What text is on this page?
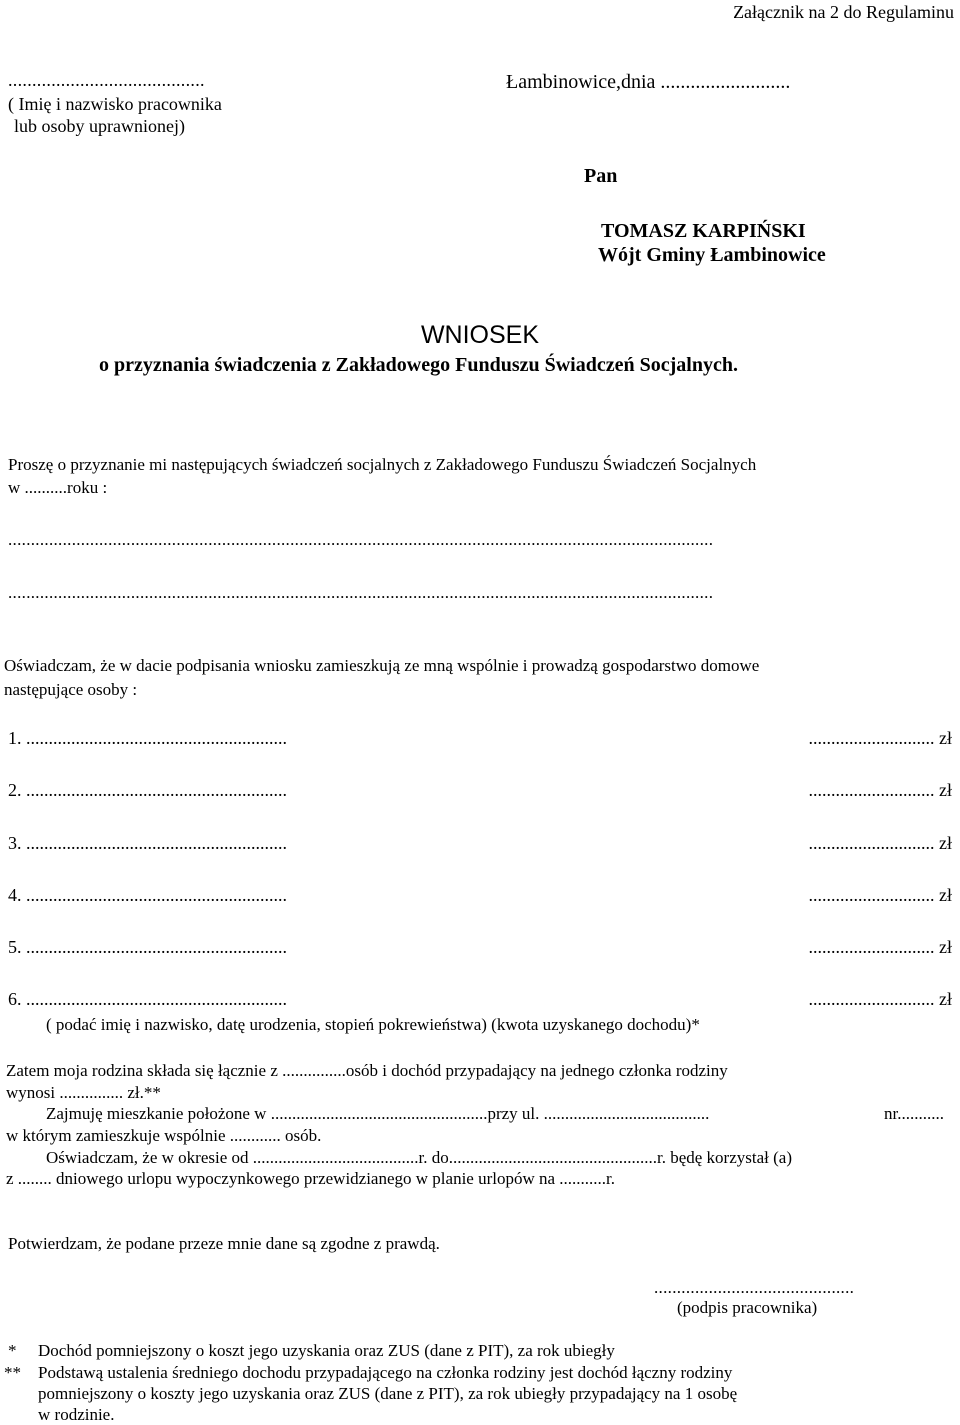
Załącznik na 2 do Regulaminu
.........................................
( Imię i nazwisko pracownika
lub osoby uprawnionej)
Łambinowice,dnia ..........................
Pan
TOMASZ KARPIŃSKI
Wójt Gminy Łambinowice
WNIOSEK
o przyznania świadczenia z Zakładowego Funduszu Świadczeń Socjalnych.
Proszę o przyznanie mi następujących świadczeń socjalnych z Zakładowego Funduszu Świadczeń Socjalnych
w ..........roku :
...........................................................................................................................................................
...........................................................................................................................................................
Oświadczam, że w dacie podpisania wniosku zamieszkują ze mną wspólnie i prowadzą gospodarstwo domowe
następujące osoby :
1. ..........................................................	............................ zł
2. ..........................................................	............................ zł
3. ..........................................................	............................ zł
4. ..........................................................	............................ zł
5. ..........................................................	............................ zł
6. ..........................................................	............................ zł
( podać imię i nazwisko, datę urodzenia, stopień pokrewieństwa) (kwota uzyskanego dochodu)*
Zatem moja rodzina składa się łącznie z ...............osób i dochód przypadający na jednego członka rodziny
wynosi ............... zł.**
Zajmuję mieszkanie położone w ...................................................przy ul. .......................................	nr...........
w którym zamieszkuje wspólnie ............ osób.
Oświadczam, że w okresie od .......................................r. do.................................................r. będę korzystał (a)
z ........ dniowego urlopu wypoczynkowego przewidzianego w planie urlopów na ...........r.
Potwierdzam, że podane przeze mnie dane są zgodne z prawdą.
............................................
(podpis pracownika)
* Dochód pomniejszony o koszt jego uzyskania oraz ZUS (dane z PIT), za rok ubiegły
** Podstawą ustalenia średniego dochodu przypadającego na członka rodziny jest dochód łączny rodziny
pomniejszony o koszty jego uzyskania oraz ZUS (dane z PIT), za rok ubiegły przypadający na 1 osobę
w rodzinie.
